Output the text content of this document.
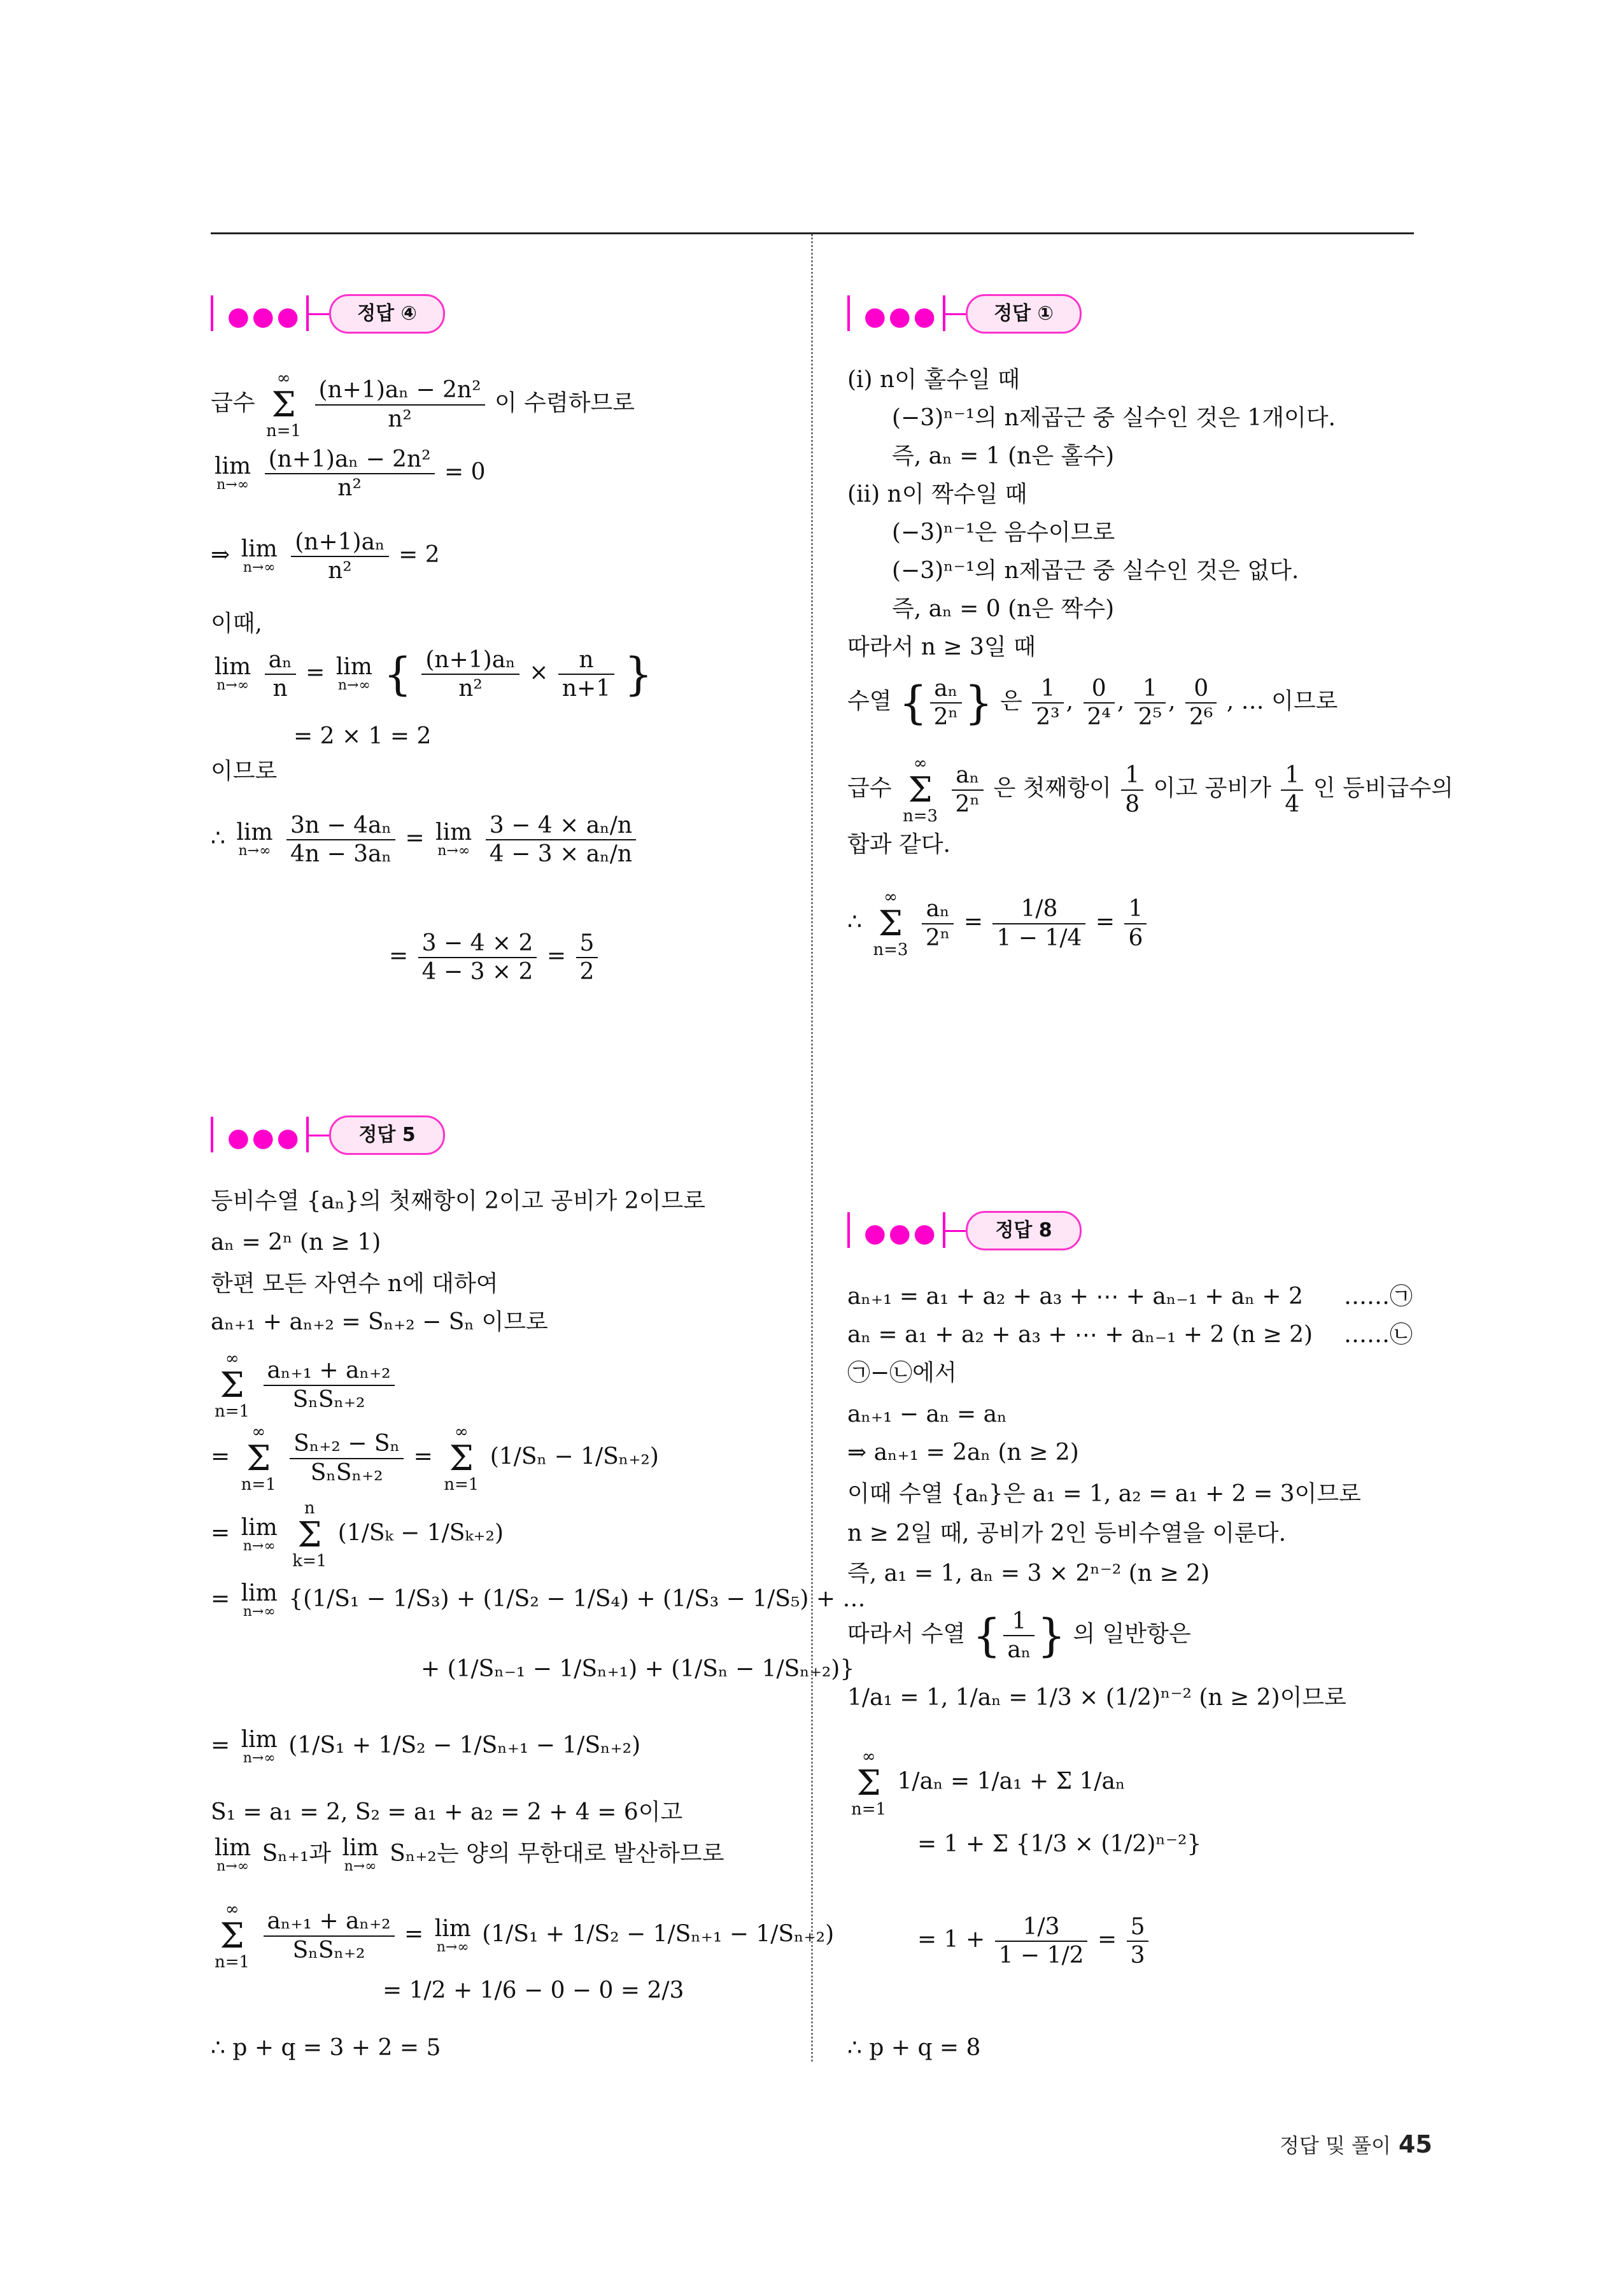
●●●	정답 ④
급수 ∞
Σ
$n=1 \frac{\text{(n+1)aₙ − 2n²}}{\text{n²}}$ 이 수렴하므로
lim
n→∞
$\frac{\text{(n+1)aₙ − 2n²}}{\text{n²}} = 0$
⇒ lim
n→∞
$\frac{\text{(n+1)aₙ}}{\text{n²}} = 2$
이때,
lim
n→∞
$\frac{\text{aₙ}}{n} = \lim$
n→∞ { $\frac{\text{(n+1)aₙ}}{\text{n²}} \times \frac{n}{n+1}$ }
= 2 × 1 = 2
이므로
∴ lim
n→∞
$\frac{\text{3n − 4aₙ}}{\text{4n − 3aₙ}} = \lim$
n→∞
$\frac{\text{3 − 4 × aₙ/n}}{\text{4 − 3 × aₙ/n}}$
= $\frac{3 - 4 \times 2}{4 - 3 \times 2} = \frac{5}{2}$
●●●	정답 ①
(i) n이 홀수일 때
(−3)ⁿ⁻¹의 n제곱근 중 실수인 것은 1개이다.
즉, aₙ = 1 (n은 홀수)
(ii) n이 짝수일 때
(−3)ⁿ⁻¹은 음수이므로
(−3)ⁿ⁻¹의 n제곱근 중 실수인 것은 없다.
즉, aₙ = 0 (n은 짝수)
따라서 n ≥ 3일 때
수열 { $\frac{\text{aₙ}}{\text{2ⁿ}}$ } 은 $\frac{1}{\text{2³}}$ , $\frac{0}{\text{2⁴}}$ , $\frac{1}{\text{2⁵}}$ , $\frac{0}{\text{2⁶}}$ , … 이므로
급수 ∞
Σ
$n=3 \frac{\text{aₙ}}{\text{2ⁿ}}$ 은 첫째항이 $\frac{1}{8}$ 이고 공비가 $\frac{1}{4}$ 인 등비급수의
합과 같다.
∴ ∞
Σ
$n=3 \frac{\text{aₙ}}{\text{2ⁿ}} = \frac{1/8}{1 - 1/4} = \frac{1}{6}$
●●●	정답 5
등비수열 {aₙ}의 첫째항이 2이고 공비가 2이므로
aₙ = 2ⁿ (n ≥ 1)
한편 모든 자연수 n에 대하여
aₙ₊₁ + aₙ₊₂ = Sₙ₊₂ − Sₙ 이므로
∞
Σ
$n=1 \frac{\text{aₙ₊₁ + aₙ₊₂}}{\text{SₙSₙ₊₂}}$
= ∞
Σ
$n=1 \frac{\text{Sₙ₊₂ − Sₙ}}{\text{SₙSₙ₊₂}}$ = ∞
Σ
n=1 (1/Sₙ − 1/Sₙ₊₂)
= lim
n→∞
n
Σ
k=1 (1/Sₖ − 1/Sₖ₊₂)
= lim
n→∞ {(1/S₁ − 1/S₃) + (1/S₂ − 1/S₄) + (1/S₃ − 1/S₅) + …
+ (1/Sₙ₋₁ − 1/Sₙ₊₁) + (1/Sₙ − 1/Sₙ₊₂)}
= lim
n→∞ (1/S₁ + 1/S₂ − 1/Sₙ₊₁ − 1/Sₙ₊₂)
S₁ = a₁ = 2, S₂ = a₁ + a₂ = 2 + 4 = 6이고
lim
n→∞ Sₙ₊₁과 lim
n→∞ Sₙ₊₂는 양의 무한대로 발산하므로
∞
Σ
$n=1 \frac{\text{aₙ₊₁ + aₙ₊₂}}{\text{SₙSₙ₊₂}} = \lim$
n→∞ (1/S₁ + 1/S₂ − 1/Sₙ₊₁ − 1/Sₙ₊₂)
= 1/2 + 1/6 − 0 − 0 = 2/3
∴ p + q = 3 + 2 = 5
●●●	정답 8
aₙ₊₁ = a₁ + a₂ + a₃ + ⋯ + aₙ₋₁ + aₙ + 2 ……㉠
aₙ = a₁ + a₂ + a₃ + ⋯ + aₙ₋₁ + 2 (n ≥ 2) ……㉡
㉠−㉡에서
aₙ₊₁ − aₙ = aₙ
⇒ aₙ₊₁ = 2aₙ (n ≥ 2)
이때 수열 {aₙ}은 a₁ = 1, a₂ = a₁ + 2 = 3이므로
n ≥ 2일 때, 공비가 2인 등비수열을 이룬다.
즉, a₁ = 1, aₙ = 3 × 2ⁿ⁻² (n ≥ 2)
따라서 수열 { $\frac{1}{\text{aₙ}}$ } 의 일반항은
1/a₁ = 1, 1/aₙ = 1/3 × (1/2)ⁿ⁻² (n ≥ 2)이므로
∞
Σ
n=1 1/aₙ = 1/a₁ + Σ 1/aₙ
= 1 + Σ {1/3 × (1/2)ⁿ⁻²}
= $1 + \frac{1/3}{1 - 1/2} = \frac{5}{3}$
∴ p + q = 8
정답 및 풀이 45
